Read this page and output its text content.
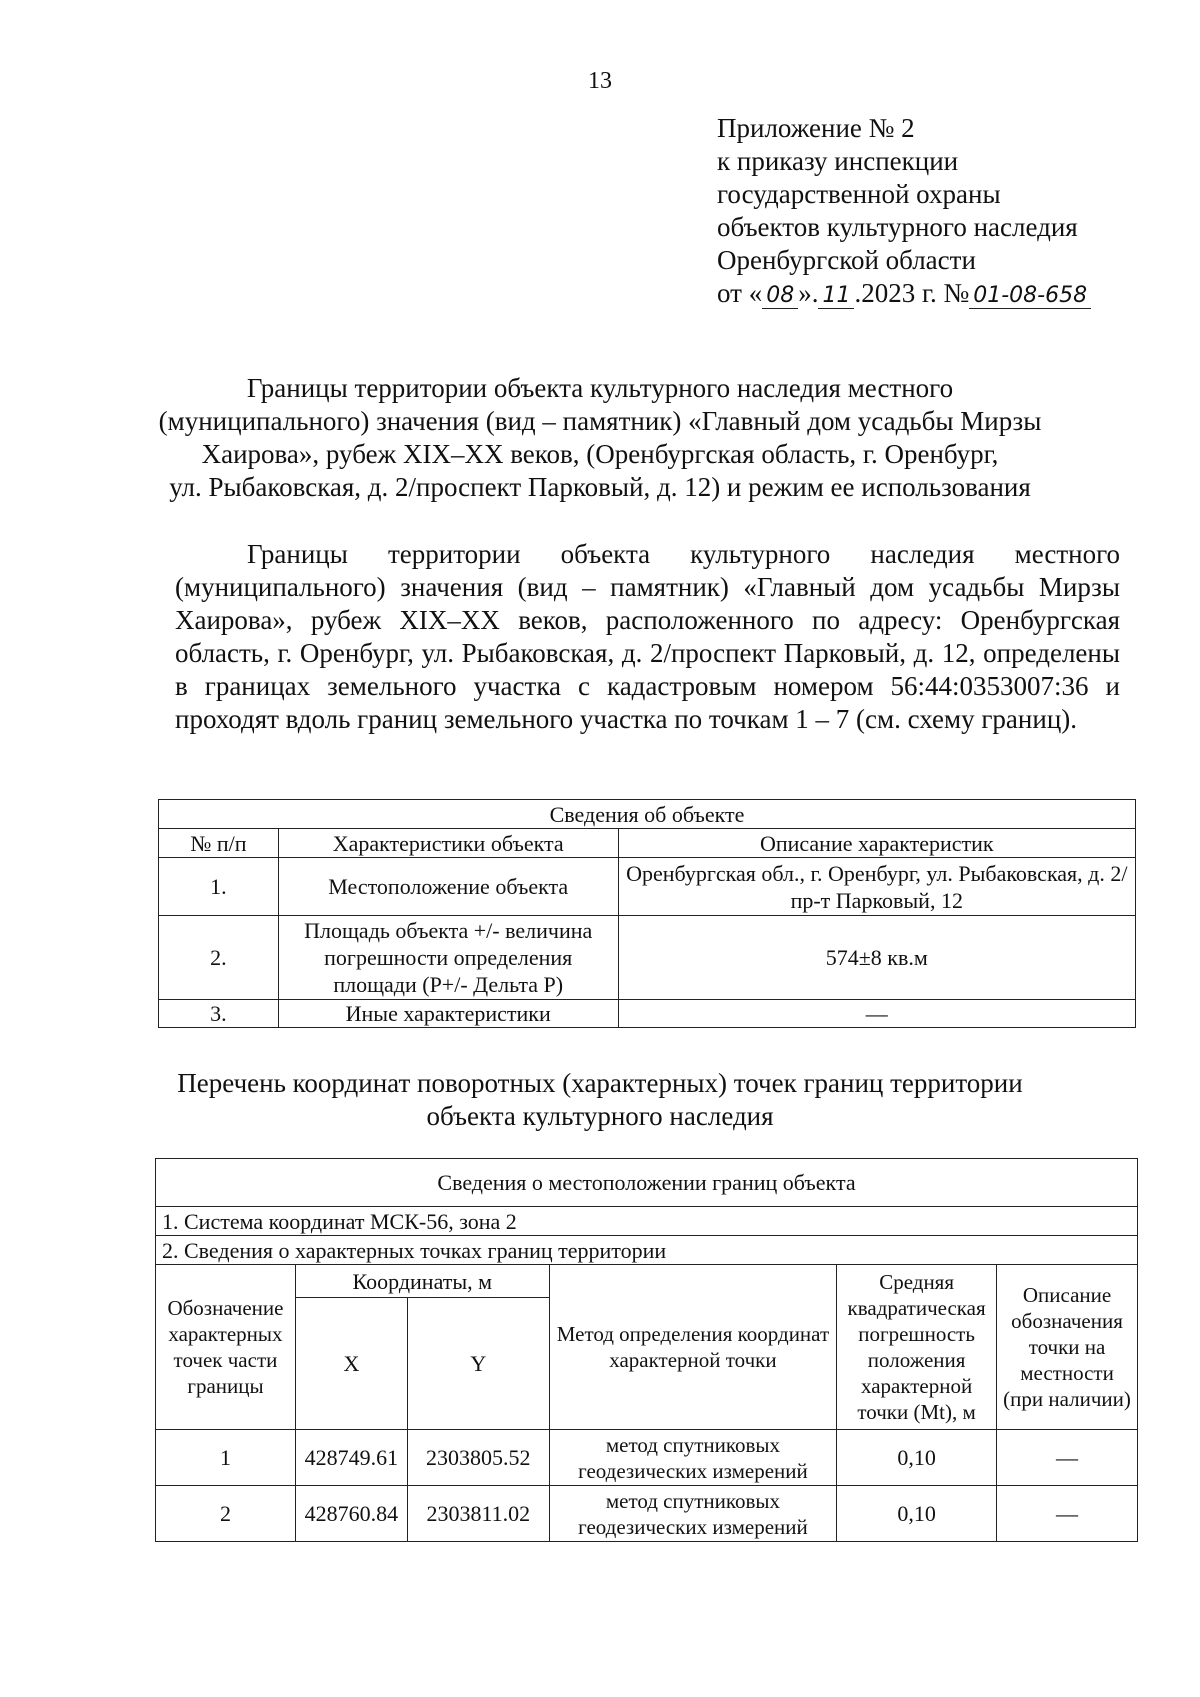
13
Приложение № 2
к приказу инспекции
государственной охраны
объектов культурного наследия
Оренбургской области
от « 08 ». 11 .2023 г. № 01-08-658
Границы территории объекта культурного наследия местного
(муниципального) значения (вид – памятник) «Главный дом усадьбы Мирзы
Хаирова», рубеж XIX–XX веков, (Оренбургская область, г. Оренбург,
ул. Рыбаковская, д. 2/проспект Парковый, д. 12) и режим ее использования

Границы территории объекта культурного наследия местного (муниципального) значения (вид – памятник) «Главный дом усадьбы Мирзы Хаирова», рубеж XIX–XX веков, расположенного по адресу: Оренбургская область, г. Оренбург, ул. Рыбаковская, д. 2/проспект Парковый, д. 12, определены в границах земельного участка с кадастровым номером 56:44:0353007:36 и проходят вдоль границ земельного участка по точкам 1 – 7 (см. схему границ).

Сведения об объекте		
№ п/п	Характеристики объекта	Описание характеристик
1.	Местоположение объекта	Оренбургская обл., г. Оренбург, ул. Рыбаковская, д. 2/ пр-т Парковый, 12
2.	Площадь объекта +/- величина погрешности определения площади (P+/- Дельта P)	574±8 кв.м
3.	Иные характеристики	—
Перечень координат поворотных (характерных) точек границ территории
объекта культурного наследия
Сведения о местоположении границ объекта					
1. Система координат МСК-56, зона 2					
2. Сведения о характерных точках границ территории					
Обозначение характерных точек части границы	Координаты, м		Метод определения координат характерной точки	Средняя квадратическая погрешность положения характерной точки (Mt), м	Описание обозначения точки на местности (при наличии)
	X	Y			
1	428749.61	2303805.52	метод спутниковых геодезических измерений	0,10	—
2	428760.84	2303811.02	метод спутниковых геодезических измерений	0,10	—
